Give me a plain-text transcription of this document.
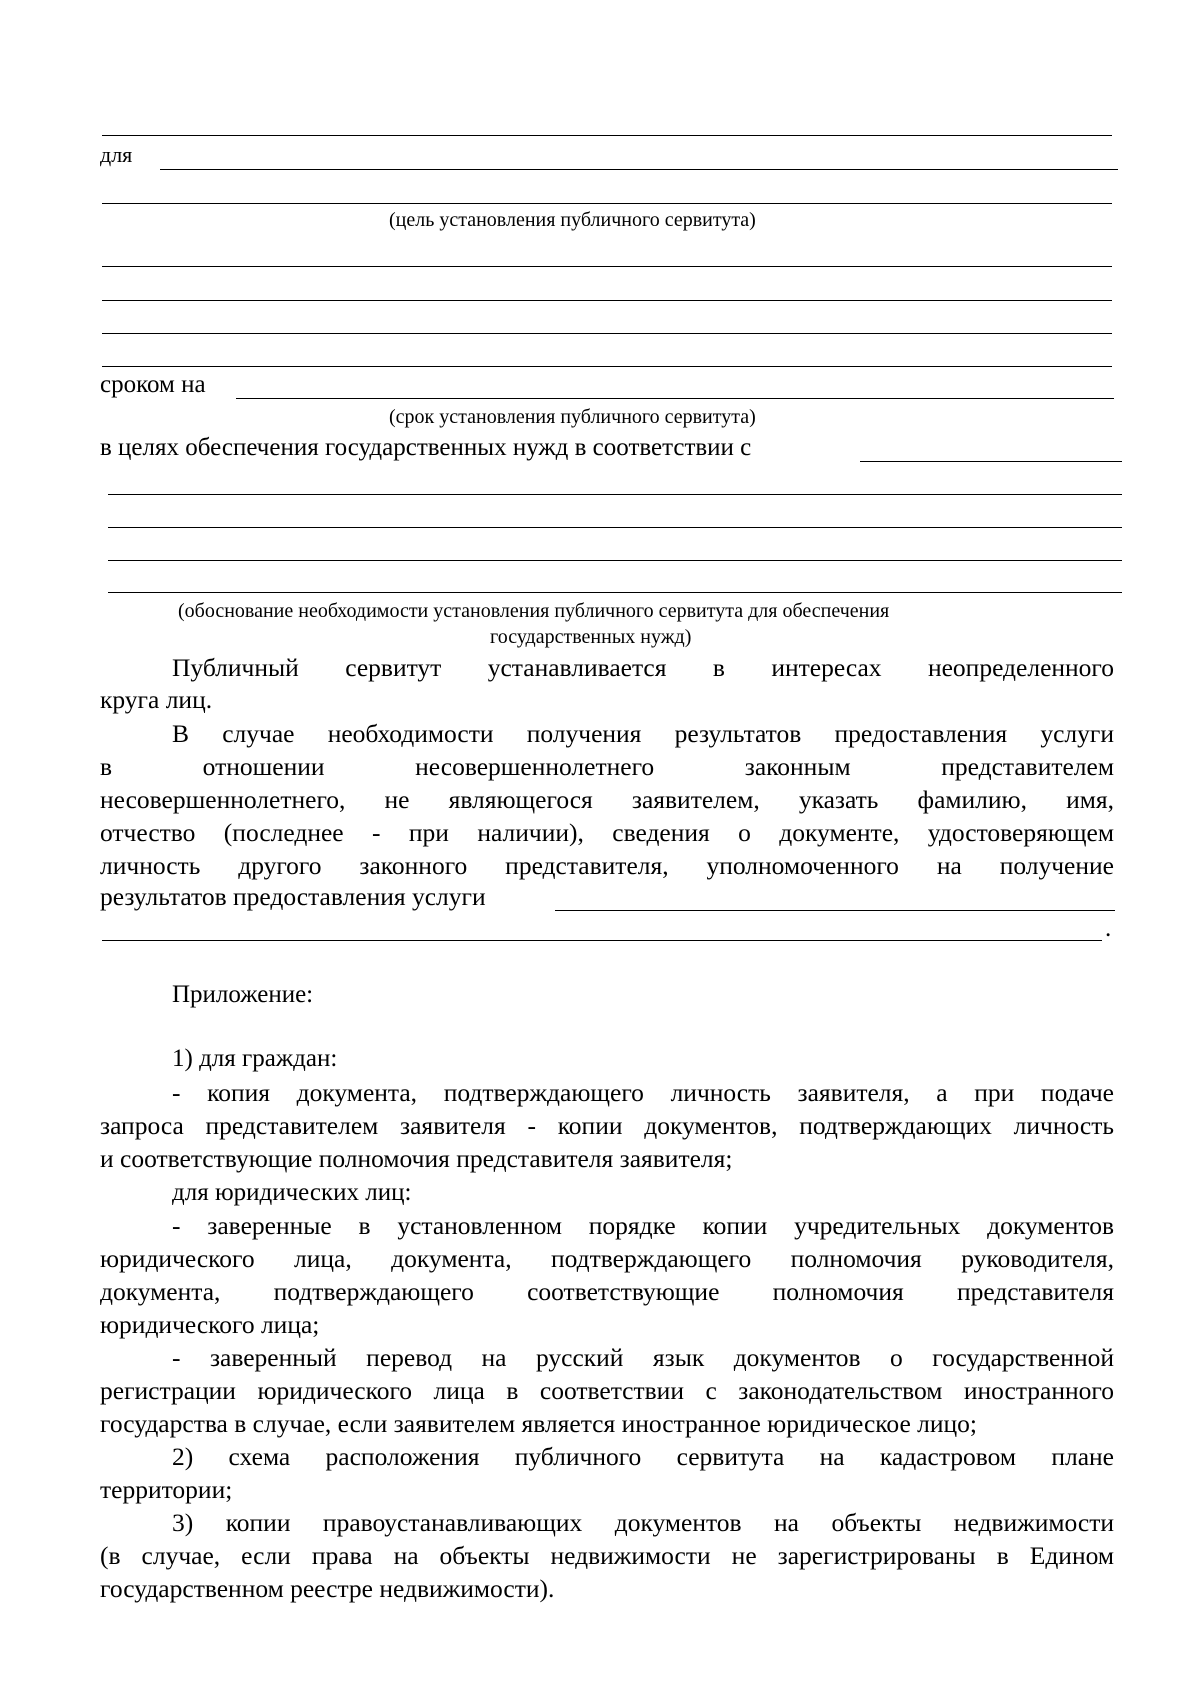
для
(цель установления публичного сервитута)
сроком на
(срок установления публичного сервитута)
в целях обеспечения государственных нужд в соответствии с
(обоснование необходимости установления публичного сервитута для обеспечения
государственных нужд)
Публичный сервитут устанавливается в интересах неопределенного
круга лиц.
В случае необходимости получения результатов предоставления услуги
в отношении несовершеннолетнего законным представителем
несовершеннолетнего, не являющегося заявителем, указать фамилию, имя,
отчество (последнее - при наличии), сведения о документе, удостоверяющем
личность другого законного представителя, уполномоченного на получение
результатов предоставления услуги
.
Приложение:
1) для граждан:
- копия документа, подтверждающего личность заявителя, а при подаче
запроса представителем заявителя - копии документов, подтверждающих личность
и соответствующие полномочия представителя заявителя;
для юридических лиц:
- заверенные в установленном порядке копии учредительных документов
юридического лица, документа, подтверждающего полномочия руководителя,
документа, подтверждающего соответствующие полномочия представителя
юридического лица;
- заверенный перевод на русский язык документов о государственной
регистрации юридического лица в соответствии с законодательством иностранного
государства в случае, если заявителем является иностранное юридическое лицо;
2) схема расположения публичного сервитута на кадастровом плане
территории;
3) копии правоустанавливающих документов на объекты недвижимости
(в случае, если права на объекты недвижимости не зарегистрированы в Едином
государственном реестре недвижимости).
